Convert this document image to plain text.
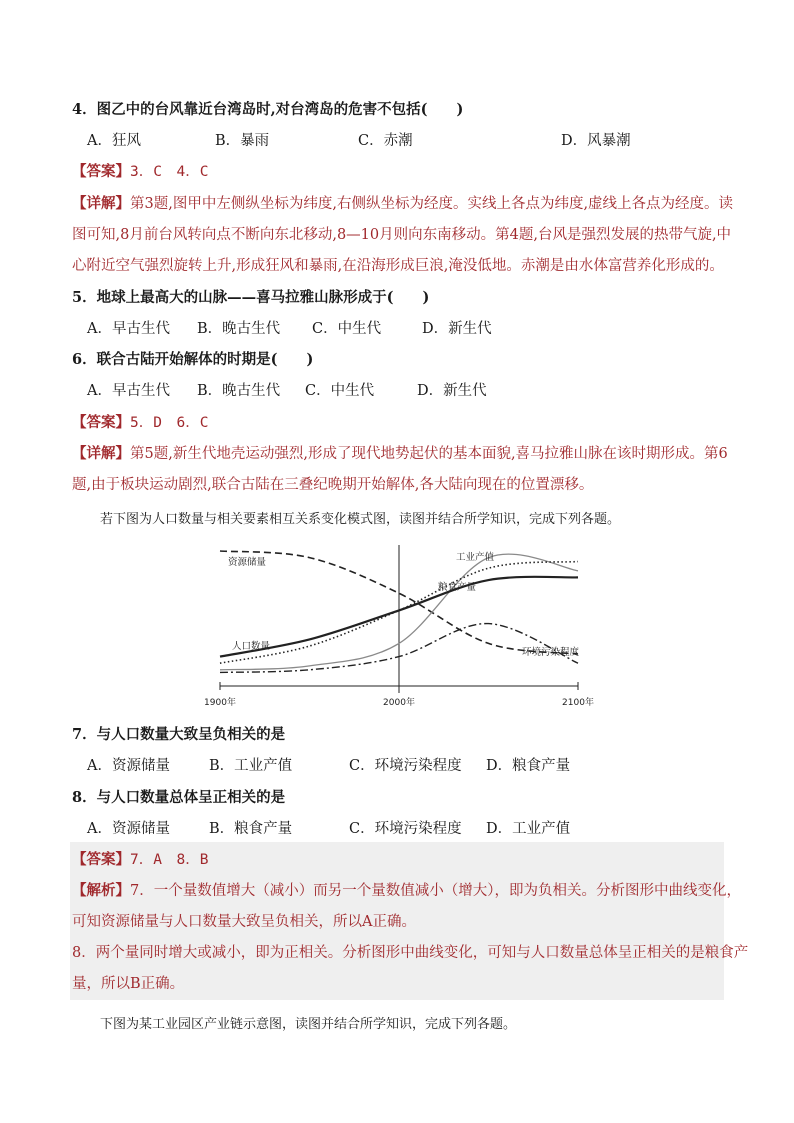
4．图乙中的台风靠近台湾岛时,对台湾岛的危害不包括(　　)
A．狂风	B．暴雨	C．赤潮	D．风暴潮
【答案】3．C　4．C
【详解】第3题,图甲中左侧纵坐标为纬度,右侧纵坐标为经度。实线上各点为纬度,虚线上各点为经度。读
图可知,8月前台风转向点不断向东北移动,8—10月则向东南移动。第4题,台风是强烈发展的热带气旋,中
心附近空气强烈旋转上升,形成狂风和暴雨,在沿海形成巨浪,淹没低地。赤潮是由水体富营养化形成的。
5．地球上最高大的山脉——喜马拉雅山脉形成于(　　)
A．早古生代 B．晚古生代 C．中生代	D．新生代
6．联合古陆开始解体的时期是(　　)
A．早古生代 B．晚古生代 C．中生代	D．新生代
【答案】5．D　6．C
【详解】第5题,新生代地壳运动强烈,形成了现代地势起伏的基本面貌,喜马拉雅山脉在该时期形成。第6
题,由于板块运动剧烈,联合古陆在三叠纪晚期开始解体,各大陆向现在的位置漂移。
若下图为人口数量与相关要素相互关系变化模式图，读图并结合所学知识，完成下列各题。
1900年	2000年	2100年
资源储量	工业产值
粮食产量
人口数量
环境污染程度
7．与人口数量大致呈负相关的是
A．资源储量	B．工业产值	C．环境污染程度 D．粮食产量
8．与人口数量总体呈正相关的是
A．资源储量	B．粮食产量	C．环境污染程度 D．工业产值
【答案】7．A　8．B
【解析】7．一个量数值增大（减小）而另一个量数值减小（增大），即为负相关。分析图形中曲线变化，
可知资源储量与人口数量大致呈负相关，所以A正确。
8．两个量同时增大或减小，即为正相关。分析图形中曲线变化，可知与人口数量总体呈正相关的是粮食产
量，所以B正确。
下图为某工业园区产业链示意图，读图并结合所学知识，完成下列各题。
